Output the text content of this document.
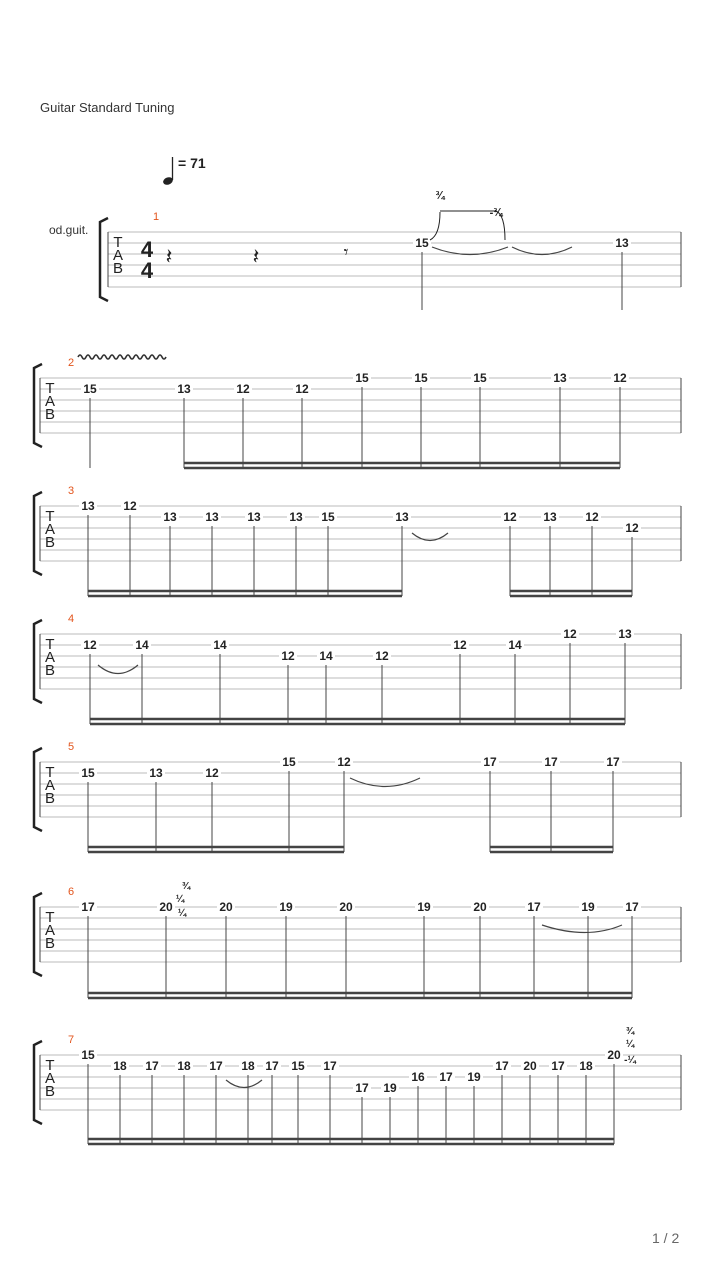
Guitar Standard Tuning
= 71
od.guit.
1 / 2
T
A
B
1
15	13
T
A
B
2
15	13	12	12
15	15	15	13	12
T
A
B
3
13 12
13 13 13 13 15	13	12 13 12
12
T
A
B
4
12	14	14
12 14	12
12	14
12	13
T
A
B
5
15	13	12
15	12	17	17	17
T
A
B
6
17	20	20	19	20	19	20	17	19	17
T
A
B
7
15
18 17 18 17 18 17 15 17
17 19
16 17 19
17 20 17 18
20
4
4
𝄽	𝄽	𝄾
¾
-¾
¾
¼
¼
¾
¼
-¼
